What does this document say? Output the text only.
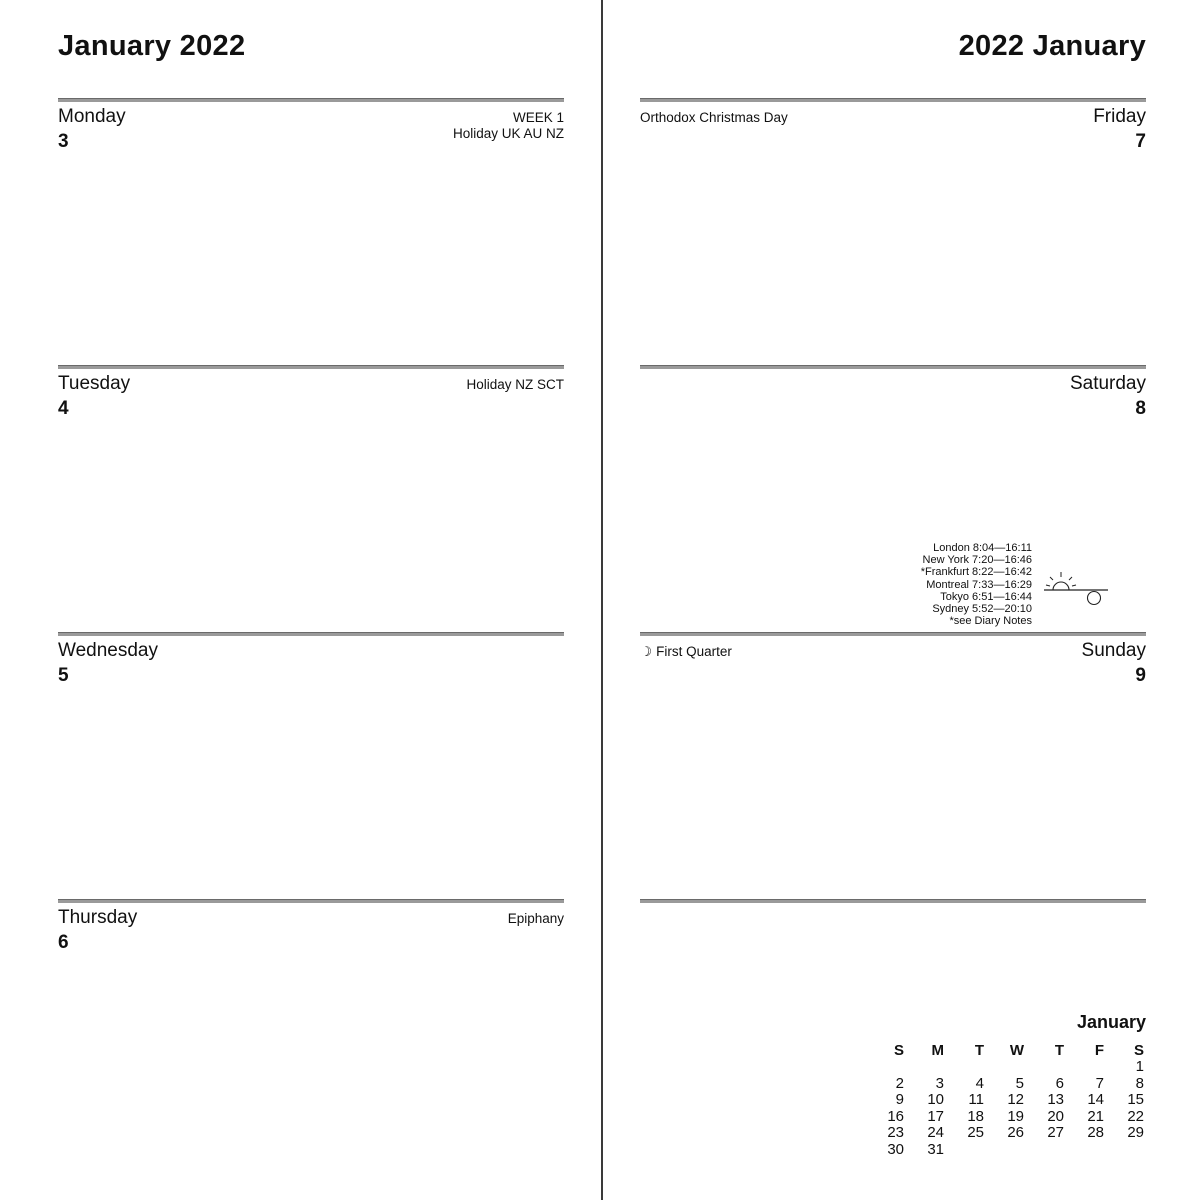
January 2022
Monday
3
WEEK 1
Holiday UK AU NZ
Tuesday
4
Holiday NZ SCT
Wednesday
5
Thursday
6
Epiphany
2022 January
Friday
7
Orthodox Christmas Day
Saturday
8
London 8:04—16:11
New York 7:20—16:46
*Frankfurt 8:22—16:42
Montreal 7:33—16:29
Tokyo 6:51—16:44
Sydney 5:52—20:10
*see Diary Notes
Sunday
9
☽ First Quarter
January
S	M	T	W	T	F	S
						1
2	3	4	5	6	7	8
9	10	11	12	13	14	15
16	17	18	19	20	21	22
23	24	25	26	27	28	29
30	31					
